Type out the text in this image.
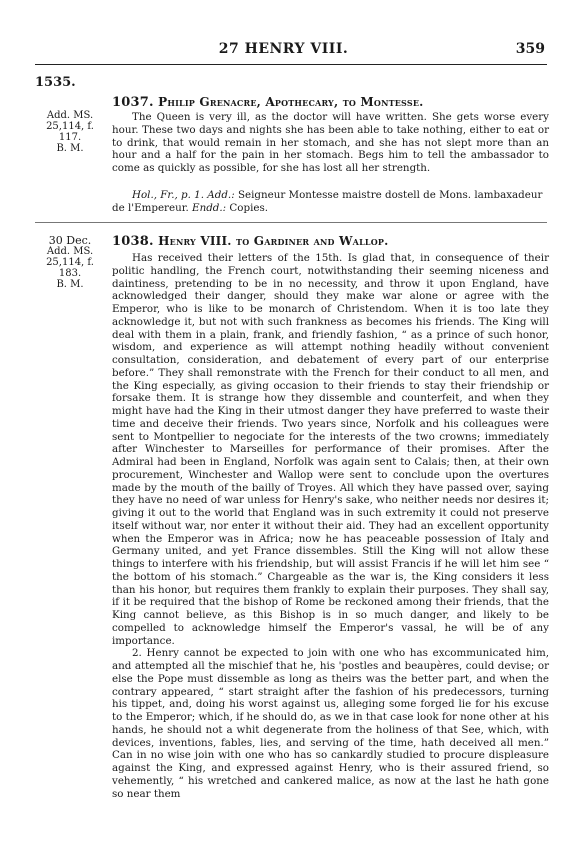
27 HENRY VIII.	359
1535.
Add. MS.
25,114, f. 117.
B. M.
1037. Philip Grenacre, Apothecary, to Montesse.

The Queen is very ill, as the doctor will have written. She gets worse every hour. These two days and nights she has been able to take nothing, either to eat or to drink, that would remain in her stomach, and she has not slept more than an hour and a half for the pain in her stomach. Begs him to tell the ambassador to come as quickly as possible, for she has lost all her strength.

Hol., Fr., p. 1. Add.: Seigneur Montesse maistre dostell de Mons. lambaxadeur de l'Empereur. Endd.: Copies.
30 Dec.
Add. MS.
25,114, f. 183.
B. M.
1038. Henry VIII. to Gardiner and Wallop.

Has received their letters of the 15th. Is glad that, in consequence of their politic handling, the French court, notwithstanding their seeming niceness and daintiness, pretending to be in no necessity, and throw it upon England, have acknowledged their danger, should they make war alone or agree with the Emperor, who is like to be monarch of Christendom. When it is too late they acknowledge it, but not with such frankness as becomes his friends. The King will deal with them in a plain, frank, and friendly fashion, “ as a prince of such honor, wisdom, and experience as will attempt nothing headily without convenient consultation, consideration, and debatement of every part of our enterprise before.” They shall remonstrate with the French for their conduct to all men, and the King especially, as giving occasion to their friends to stay their friendship or forsake them. It is strange how they dissemble and counterfeit, and when they might have had the King in their utmost danger they have preferred to waste their time and deceive their friends. Two years since, Norfolk and his colleagues were sent to Montpellier to negociate for the interests of the two crowns; immediately after Winchester to Marseilles for performance of their promises. After the Admiral had been in England, Norfolk was again sent to Calais; then, at their own procurement, Winchester and Wallop were sent to conclude upon the overtures made by the mouth of the bailly of Troyes. All which they have passed over, saying they have no need of war unless for Henry's sake, who neither needs nor desires it; giving it out to the world that England was in such extremity it could not preserve itself without war, nor enter it without their aid. They had an excellent opportunity when the Emperor was in Africa; now he has peaceable possession of Italy and Germany united, and yet France dissembles. Still the King will not allow these things to interfere with his friendship, but will assist Francis if he will let him see “ the bottom of his stomach.” Chargeable as the war is, the King considers it less than his honor, but requires them frankly to explain their purposes. They shall say, if it be required that the bishop of Rome be reckoned among their friends, that the King cannot believe, as this Bishop is in so much danger, and likely to be compelled to acknowledge himself the Emperor's vassal, he will be of any importance.

2. Henry cannot be expected to join with one who has excommunicated him, and attempted all the mischief that he, his 'postles and beaupères, could devise; or else the Pope must dissemble as long as theirs was the better part, and when the contrary appeared, “ start straight after the fashion of his predecessors, turning his tippet, and, doing his worst against us, alleging some forged lie for his excuse to the Emperor; which, if he should do, as we in that case look for none other at his hands, he should not a whit degenerate from the holiness of that See, which, with devices, inventions, fables, lies, and serving of the time, hath deceived all men.” Can in no wise join with one who has so cankardly studied to procure displeasure against the King, and expressed against Henry, who is their assured friend, so vehemently, “ his wretched and cankered malice, as now at the last he hath gone so near them
